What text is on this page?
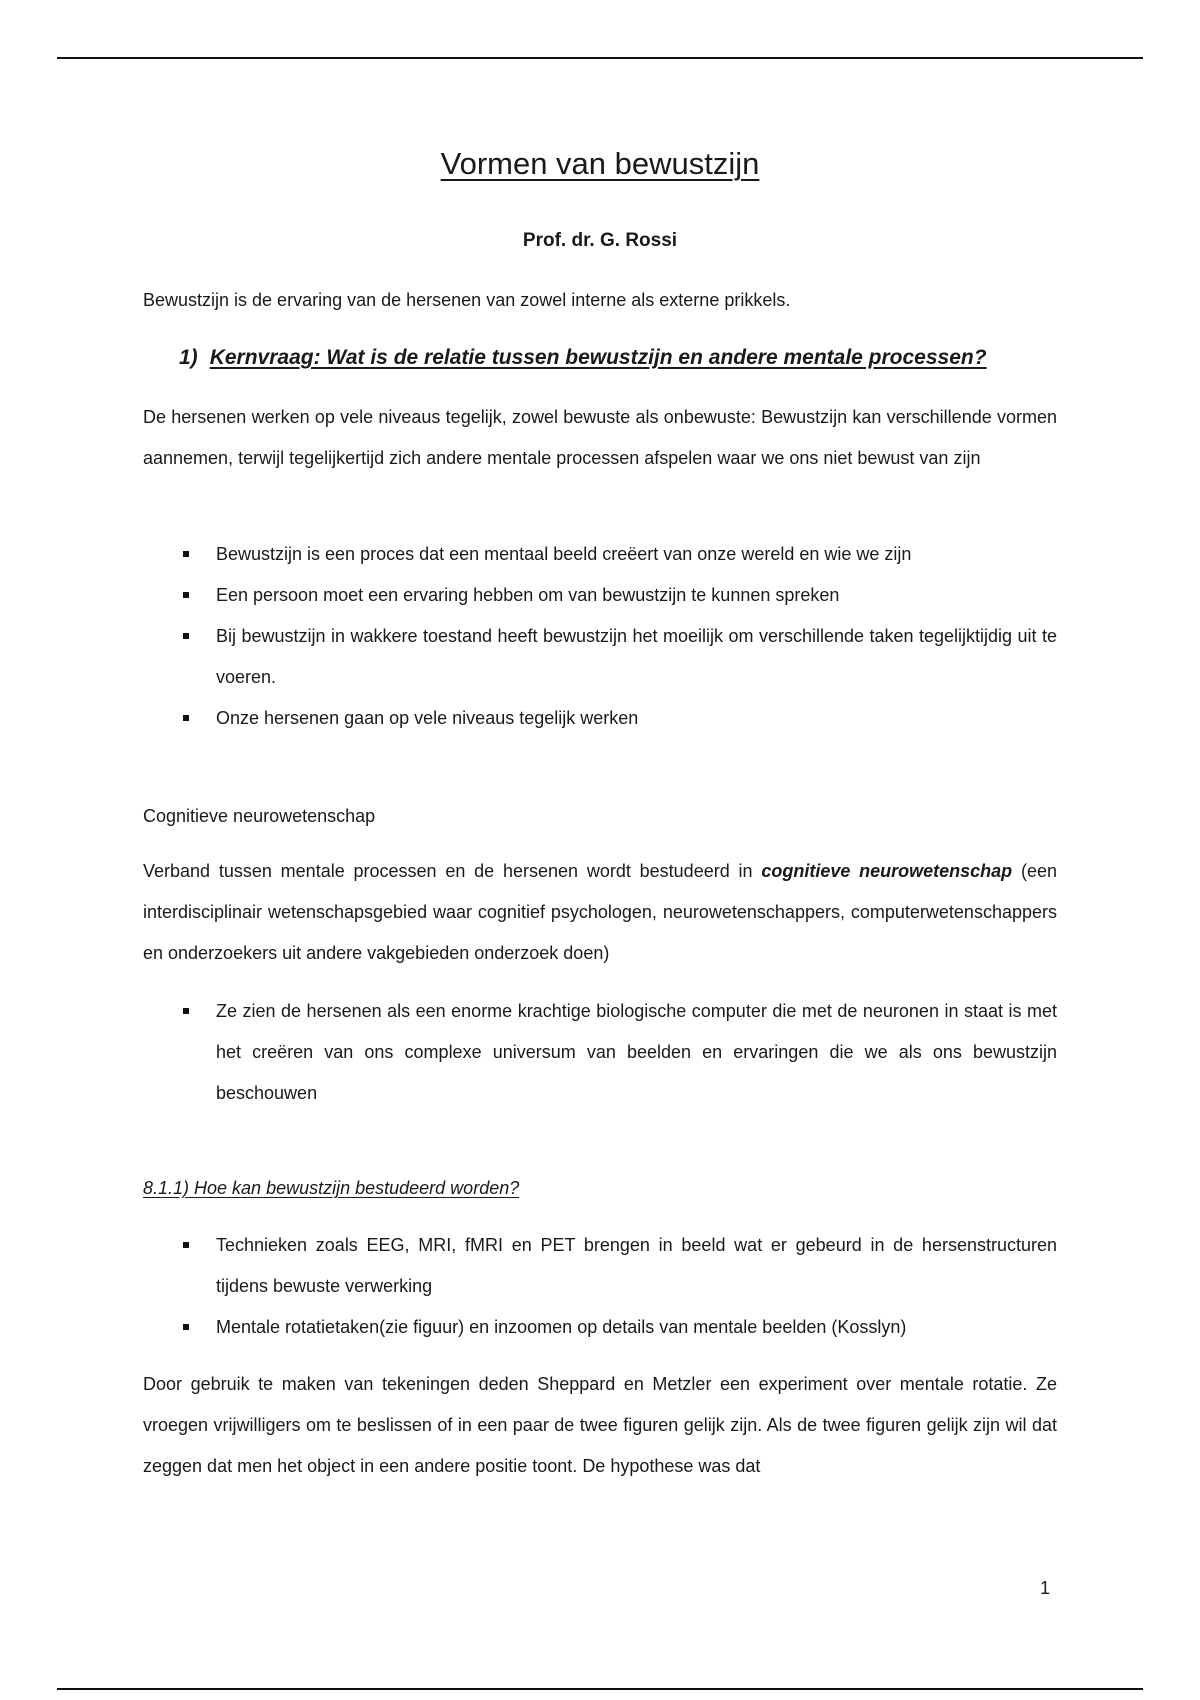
Vormen van bewustzijn
Prof. dr. G. Rossi

Bewustzijn is de ervaring van de hersenen van zowel interne als externe prikkels.

1) Kernvraag: Wat is de relatie tussen bewustzijn en andere mentale processen?

De hersenen werken op vele niveaus tegelijk, zowel bewuste als onbewuste: Bewustzijn kan verschillende vormen aannemen, terwijl tegelijkertijd zich andere mentale processen afspelen waar we ons niet bewust van zijn

Bewustzijn is een proces dat een mentaal beeld creëert van onze wereld en wie we zijn
Een persoon moet een ervaring hebben om van bewustzijn te kunnen spreken
Bij bewustzijn in wakkere toestand heeft bewustzijn het moeilijk om verschillende taken tegelijktijdig uit te voeren.
Onze hersenen gaan op vele niveaus tegelijk werken

Cognitieve neurowetenschap

Verband tussen mentale processen en de hersenen wordt bestudeerd in cognitieve neurowetenschap (een interdisciplinair wetenschapsgebied waar cognitief psychologen, neurowetenschappers, computerwetenschappers en onderzoekers uit andere vakgebieden onderzoek doen)

Ze zien de hersenen als een enorme krachtige biologische computer die met de neuronen in staat is met het creëren van ons complexe universum van beelden en ervaringen die we als ons bewustzijn beschouwen
8.1.1) Hoe kan bewustzijn bestudeerd worden?
Technieken zoals EEG, MRI, fMRI en PET brengen in beeld wat er gebeurd in de hersenstructuren tijdens bewuste verwerking
Mentale rotatietaken(zie figuur) en inzoomen op details van mentale beelden (Kosslyn)

Door gebruik te maken van tekeningen deden Sheppard en Metzler een experiment over mentale rotatie. Ze vroegen vrijwilligers om te beslissen of in een paar de twee figuren gelijk zijn. Als de twee figuren gelijk zijn wil dat zeggen dat men het object in een andere positie toont. De hypothese was dat

1
